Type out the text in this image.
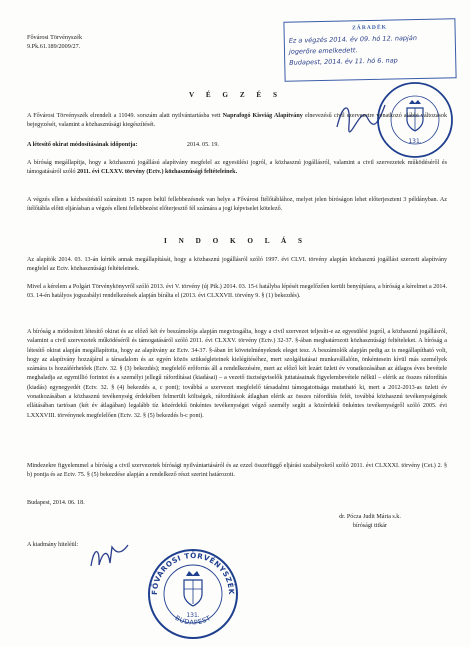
Fővárosi Törvényszék
9.Pk.61.189/2009/27.
ZÁRADÉK
Ez a végzés 2014. év 09. hó 12. napján
jogerőre emelkedett.
Budapest, 2014. év 11. hó 6. nap
131.
V É G Z É S
A Fővárosi Törvényszék elrendeli a 11049. sorszám alatt nyilvántartásba vett Naprafogó Kisviág Alapítvány elnevezésű civil szervezetre vonatkozó alábbi változások bejegyzését, valamint a közhasznúsági kiegészítését.
A létesítő okirat módosításának időpontja:	2014. 05. 19.
A bíróság megállapítja, hogy a közhasznú jogállású alapítvány megfelel az egyesülési jogról, a közhasznú jogállásról, valamint a civil szervezetek működéséről és támogatásáról szóló 2011. évi CLXXV. törvény (Ectv.) közhasznúsági feltételeinek.
A végzés ellen a kézbesítéstől számított 15 napon belül fellebbezésnek van helye a Fővárosi Ítélőtáblához, melyet jelen bíróságon lehet előterjeszteni 3 példányban. Az ítélőtábla előtti eljárásban a végzés elleni fellebbezést előterjesztő fél számára a jogi képviselet kötelező.
I N D O K O L Á S
Az alapítók 2014. 03. 13-án kérték annak megállapítását, hogy a közhasznú jogállásról szóló 1997. évi CLVI. törvény alapján közhasznú jogállást szerzett alapítvány megfelel az Ectv. közhasznúsági feltételeinek.
Mivel a kérelem a Polgári Törvénykönyvről szóló 2013. évi V. törvény (új Ptk.) 2014. 03. 15-i hatályba lépését megelőzően került benyújtásra, a bíróság a kérelmet a 2014. 03. 14-én hatályos jogszabályi rendelkezések alapján bírálta el (2013. évi CLXXVII. törvény 9. § (1) bekezdés).
A bíróság a módosított létesítő okirat és az előző két év beszámolója alapján megvizsgálta, hogy a civil szervezet teljesíti-e az egyesülési jogról, a közhasznú jogállásról, valamint a civil szervezetek működéséről és támogatásáról szóló 2011. évi CLXXV. törvény (Ectv.) 32-37. §-ában meghatározott közhasznúsági feltételeket. A bíróság a létesítő okirat alapján megállapította, hogy az alapítvány az Ectv. 34-37. §-ában írt követelményeknek eleget tesz. A beszámolók alapján pedig az is megállapítható volt, hogy az alapítvány hozzájárul a társadalom és az egyén közös szükségleteinek kielégítéséhez, mert szolgáltatásai munkavállalóin, önkéntesein kívül más személyek számára is hozzáférhetőek (Ectv. 32. § (3) bekezdés); megfelelő erőforrás áll a rendelkezésére, mert az előző két lezárt üzleti év vonatkozásában az átlagos éves bevétele meghaladja az egymillió forintot és a személyi jellegű ráfordításai (kiadásai) – a vezető tisztségviselők juttatásainak figyelembevétele nélkül – elérik az összes ráfordítás (kiadás) egynegyedét (Ectv. 32. § (4) bekezdés a, c pont); továbbá a szervezet megfelelő társadalmi támogatottsága mutatható ki, mert a 2012-2013-as üzleti év vonatkozásában a közhasznú tevékenység érdekében felmerült költségek, ráfordítások átlaghan elérik az összes ráfordítás felét, továbbá közhasznú tevékenységének ellátásában tartósan (két év átlagában) legalább tíz közérdekű önkéntes tevékenységet végző személy segíti a közérdekű önkéntes tevékenységről szóló 2005. évi LXXXVIII. törvénynek megfelelően (Ectv. 32. § (5) bekezdés b-c pont).
Mindezekre figyelemmel a bíróság a civil szervezetek bírósági nyilvántartásáról és az ezzel összefüggő eljárási szabályokról szóló 2011. évi CLXXXI. törvény (Cet.) 2. § b) pontja és az Ectv. 75. § (5) bekezdése alapján a rendelkező részt szerint határozott.
Budapest, 2014. 06. 18.
dr. Pócza Judit Mária s.k.
bírósági titkár
A kiadmány hiteléül:
FŐVÁROSI TÖRVÉNYSZÉK
BUDAPEST
131.
